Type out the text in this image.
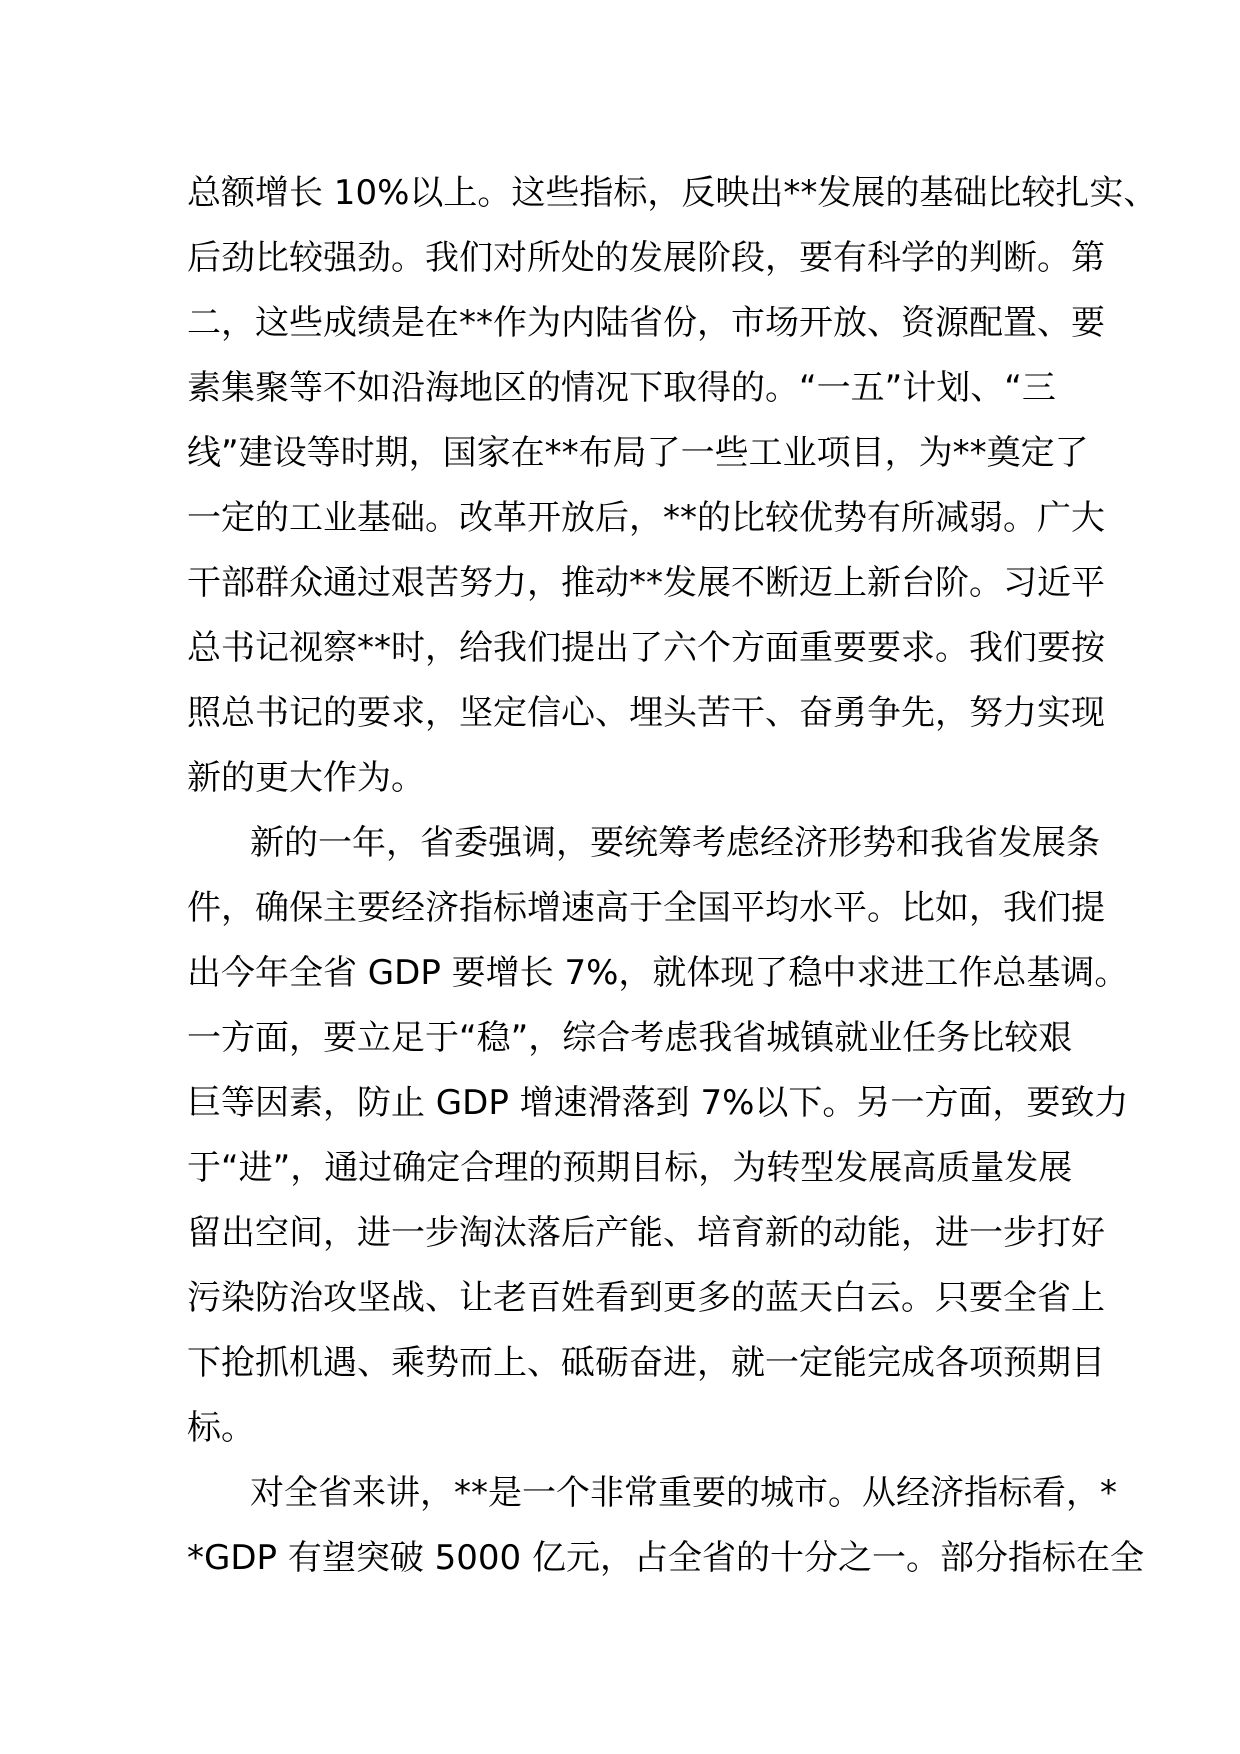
总额增长 10%以上。这些指标，反映出**发展的基础比较扎实、
后劲比较强劲。我们对所处的发展阶段，要有科学的判断。第
二，这些成绩是在**作为内陆省份，市场开放、资源配置、要
素集聚等不如沿海地区的情况下取得的。“一五”计划、“三
线”建设等时期，国家在**布局了一些工业项目，为**奠定了
一定的工业基础。改革开放后，**的比较优势有所减弱。广大
干部群众通过艰苦努力，推动**发展不断迈上新台阶。习近平
总书记视察**时，给我们提出了六个方面重要要求。我们要按
照总书记的要求，坚定信心、埋头苦干、奋勇争先，努力实现
新的更大作为。
新的一年，省委强调，要统筹考虑经济形势和我省发展条
件，确保主要经济指标增速高于全国平均水平。比如，我们提
出今年全省 GDP 要增长 7%，就体现了稳中求进工作总基调。
一方面，要立足于“稳”，综合考虑我省城镇就业任务比较艰
巨等因素，防止 GDP 增速滑落到 7%以下。另一方面，要致力
于“进”，通过确定合理的预期目标，为转型发展高质量发展
留出空间，进一步淘汰落后产能、培育新的动能，进一步打好
污染防治攻坚战、让老百姓看到更多的蓝天白云。只要全省上
下抢抓机遇、乘势而上、砥砺奋进，就一定能完成各项预期目
标。
对全省来讲，**是一个非常重要的城市。从经济指标看，*
*GDP 有望突破 5000 亿元，占全省的十分之一。部分指标在全
